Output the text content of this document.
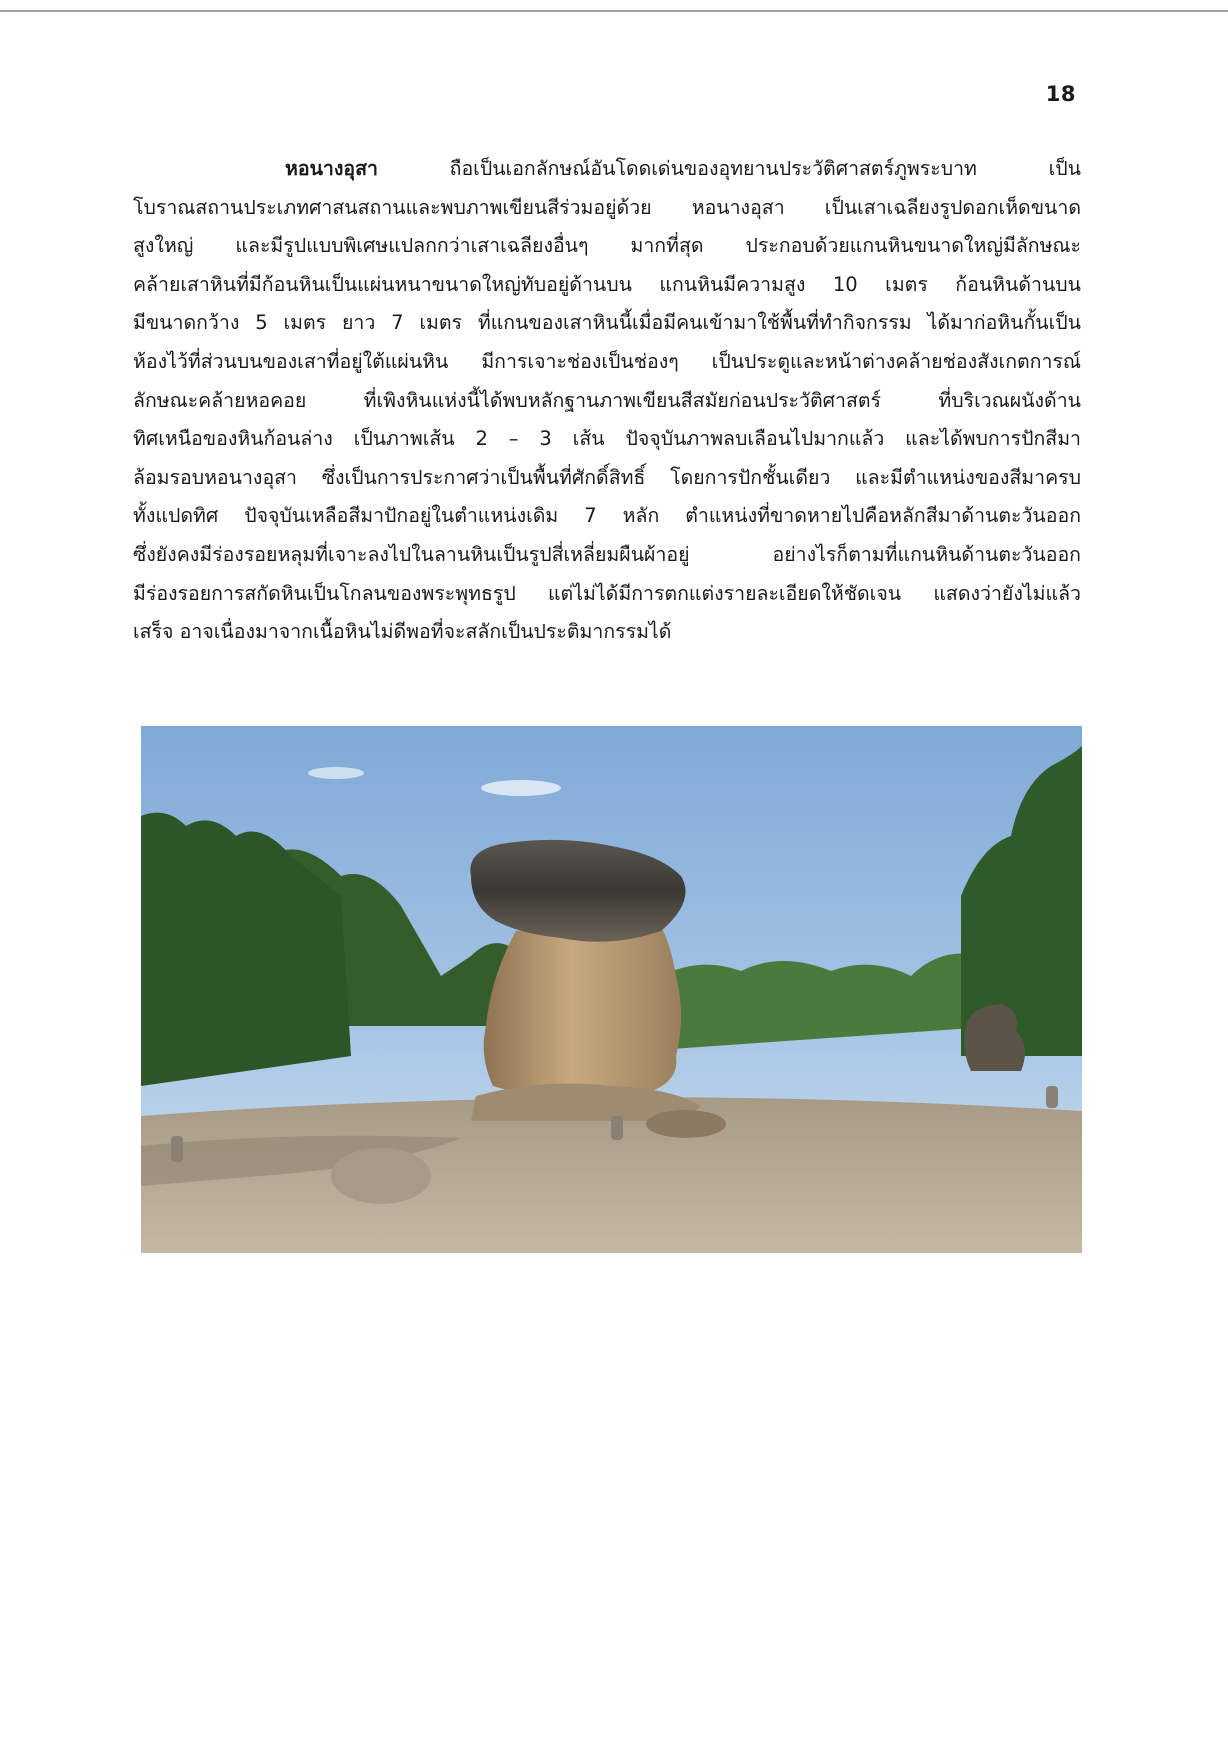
18
หอนางอุสา ถือเป็นเอกลักษณ์อันโดดเด่นของอุทยานประวัติศาสตร์ภูพระบาท เป็น
โบราณสถานประเภทศาสนสถานและพบภาพเขียนสีร่วมอยู่ด้วย หอนางอุสา เป็นเสาเฉลียงรูปดอกเห็ดขนาด
สูงใหญ่ และมีรูปแบบพิเศษแปลกกว่าเสาเฉลียงอื่นๆ มากที่สุด ประกอบด้วยแกนหินขนาดใหญ่มีลักษณะ
คล้ายเสาหินที่มีก้อนหินเป็นแผ่นหนาขนาดใหญ่ทับอยู่ด้านบน แกนหินมีความสูง 10 เมตร ก้อนหินด้านบน
มีขนาดกว้าง 5 เมตร ยาว 7 เมตร ที่แกนของเสาหินนี้เมื่อมีคนเข้ามาใช้พื้นที่ทำกิจกรรม ได้มาก่อหินกั้นเป็น
ห้องไว้ที่ส่วนบนของเสาที่อยู่ใต้แผ่นหิน มีการเจาะช่องเป็นช่องๆ เป็นประตูและหน้าต่างคล้ายช่องสังเกตการณ์
ลักษณะคล้ายหอคอย ที่เพิงหินแห่งนี้ได้พบหลักฐานภาพเขียนสีสมัยก่อนประวัติศาสตร์ ที่บริเวณผนังด้าน
ทิศเหนือของหินก้อนล่าง เป็นภาพเส้น 2 – 3 เส้น ปัจจุบันภาพลบเลือนไปมากแล้ว และได้พบการปักสีมา
ล้อมรอบหอนางอุสา ซึ่งเป็นการประกาศว่าเป็นพื้นที่ศักดิ์สิทธิ์ โดยการปักชั้นเดียว และมีตำแหน่งของสีมาครบ
ทั้งแปดทิศ ปัจจุบันเหลือสีมาปักอยู่ในตำแหน่งเดิม 7 หลัก ตำแหน่งที่ขาดหายไปคือหลักสีมาด้านตะวันออก
ซึ่งยังคงมีร่องรอยหลุมที่เจาะลงไปในลานหินเป็นรูปสี่เหลี่ยมผืนผ้าอยู่ อย่างไรก็ตามที่แกนหินด้านตะวันออก
มีร่องรอยการสกัดหินเป็นโกลนของพระพุทธรูป แต่ไม่ได้มีการตกแต่งรายละเอียดให้ชัดเจน แสดงว่ายังไม่แล้ว
เสร็จ อาจเนื่องมาจากเนื้อหินไม่ดีพอที่จะสลักเป็นประติมากรรมได้
